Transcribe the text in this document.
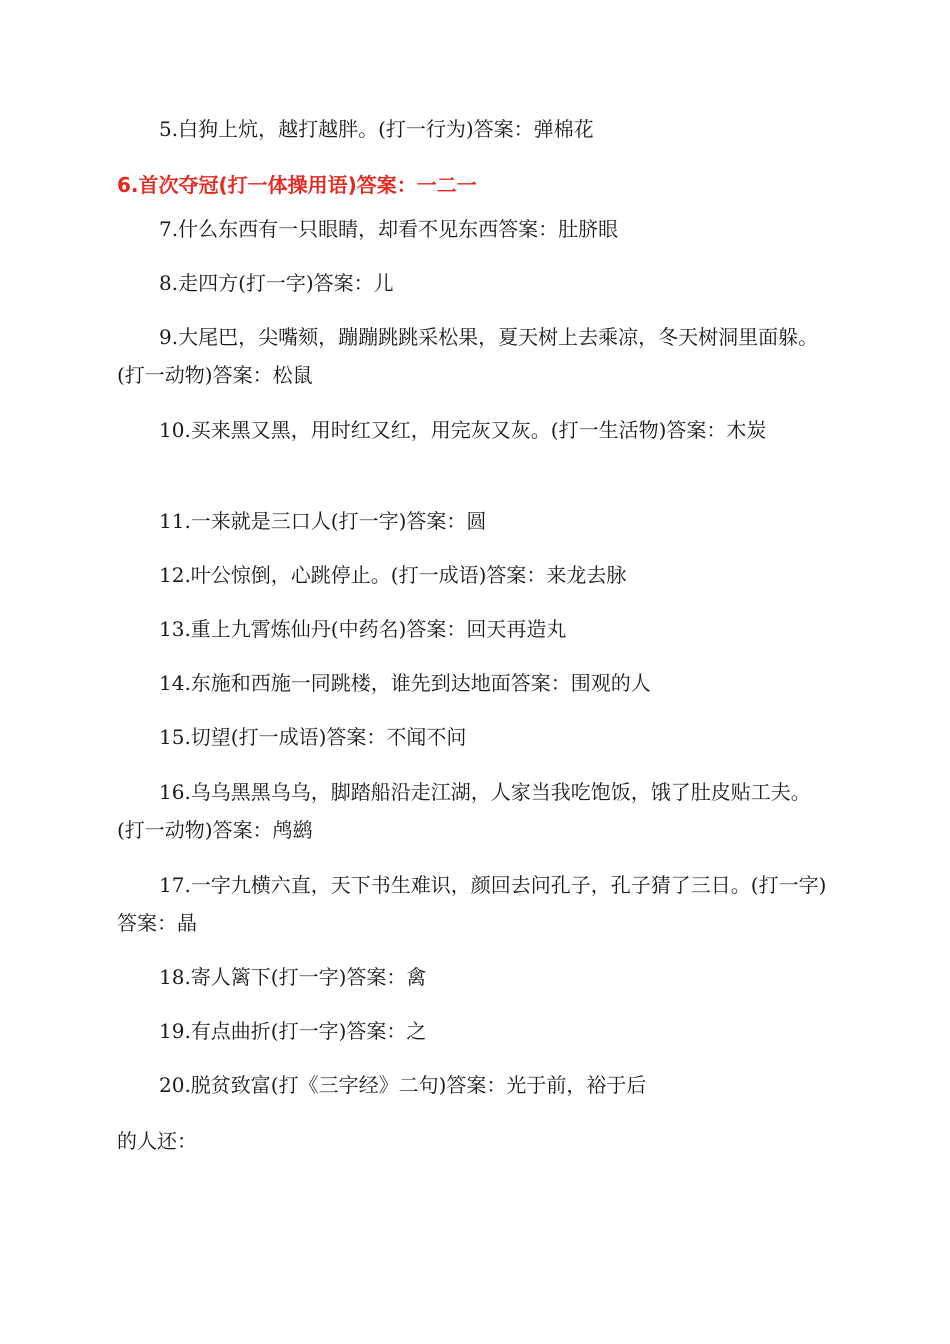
5.白狗上炕，越打越胖。(打一行为)答案：弹棉花

6.首次夺冠(打一体操用语)答案：一二一

7.什么东西有一只眼睛，却看不见东西答案：肚脐眼

8.走四方(打一字)答案：儿

9.大尾巴，尖嘴颏，蹦蹦跳跳采松果，夏天树上去乘凉，冬天树洞里面躲。(打一动物)答案：松鼠

10.买来黑又黑，用时红又红，用完灰又灰。(打一生活物)答案：木炭

11.一来就是三口人(打一字)答案：圆

12.叶公惊倒，心跳停止。(打一成语)答案：来龙去脉

13.重上九霄炼仙丹(中药名)答案：回天再造丸

14.东施和西施一同跳楼，谁先到达地面答案：围观的人

15.切望(打一成语)答案：不闻不问

16.乌乌黑黑乌乌，脚踏船沿走江湖，人家当我吃饱饭，饿了肚皮贴工夫。(打一动物)答案：鸬鹚

17.一字九横六直，天下书生难识，颜回去问孔子，孔子猜了三日。(打一字)答案：晶

18.寄人篱下(打一字)答案：禽

19.有点曲折(打一字)答案：之

20.脱贫致富(打《三字经》二句)答案：光于前，裕于后

的人还：
